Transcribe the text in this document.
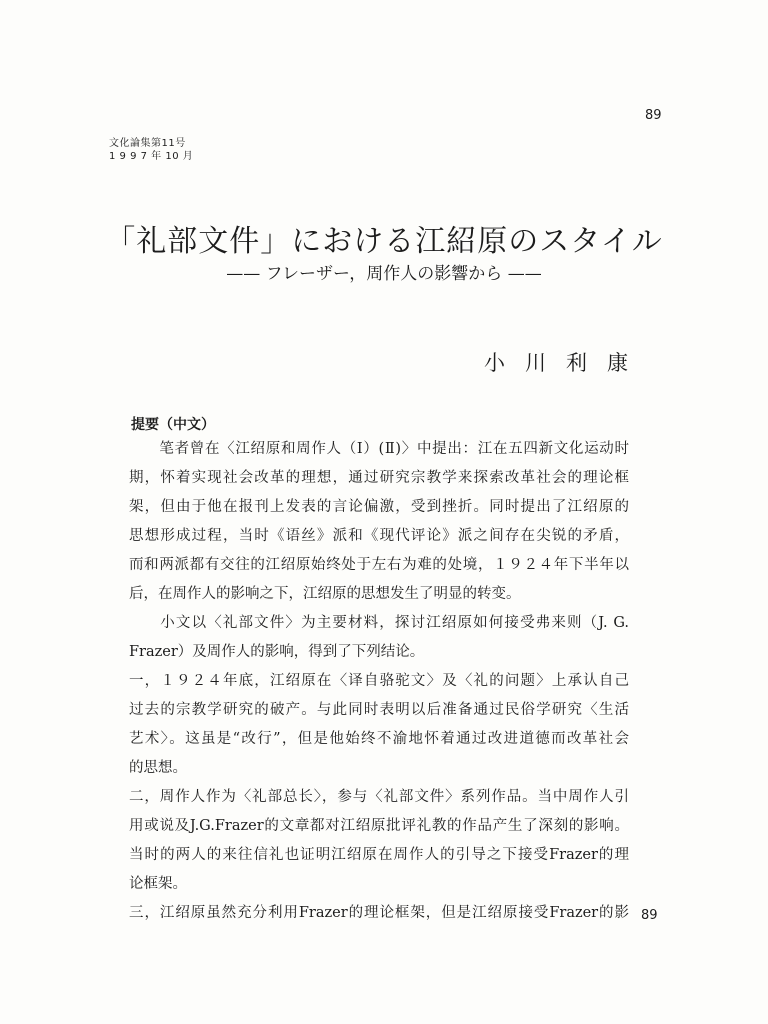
89
文化論集第11号
1 9 9 7 年 10 月
「礼部文件」における江紹原のスタイル
—— フレーザー，周作人の影響から ——
小川利康
提要（中文）
　　笔者曾在〈江绍原和周作人（Ⅰ）(Ⅱ)〉中提出：江在五四新文化运动时
期，怀着实现社会改革的理想，通过研究宗教学来探索改革社会的理论框
架，但由于他在报刊上发表的言论偏激，受到挫折。同时提出了江绍原的
思想形成过程，当时《语丝》派和《现代评论》派之间存在尖锐的矛盾，
而和两派都有交往的江绍原始终处于左右为难的处境，１９２４年下半年以
后，在周作人的影响之下，江绍原的思想发生了明显的转变。
　　小文以〈礼部文件〉为主要材料，探讨江绍原如何接受弗来则（J. G.
Frazer）及周作人的影响，得到了下列结论。
一，１９２４年底，江绍原在〈译自骆驼文〉及〈礼的问题〉上承认自己
过去的宗教学研究的破产。与此同时表明以后准备通过民俗学研究〈生活
艺术〉。这虽是“改行”，但是他始终不渝地怀着通过改进道德而改革社会
的思想。
二，周作人作为〈礼部总长〉，参与〈礼部文件〉系列作品。当中周作人引
用或说及J.G.Frazer的文章都对江绍原批评礼教的作品产生了深刻的影响。
当时的两人的来往信礼也证明江绍原在周作人的引导之下接受Frazer的理
论框架。
三，江绍原虽然充分利用Frazer的理论框架，但是江绍原接受Frazer的影 89
